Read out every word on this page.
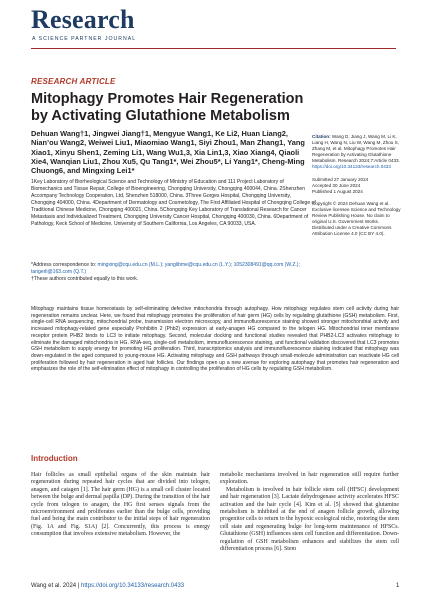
Research
A SCIENCE PARTNER JOURNAL
RESEARCH ARTICLE
Mitophagy Promotes Hair Regeneration by Activating Glutathione Metabolism
Dehuan Wang†1, Jingwei Jiang†1, Mengyue Wang1, Ke Li2, Huan Liang2, Nian’ou Wang2, Weiwei Liu1, Miaomiao Wang1, Siyi Zhou1, Man Zhang1, Yang Xiao1, Xinyu Shen1, Zeming Li1, Wang Wu1,3, Xia Lin1,3, Xiao Xiang4, Qiaoli Xie4, Wanqian Liu1, Zhou Xu5, Qu Tang1*, Wei Zhou5*, Li Yang1*, Cheng-Ming Chuong6, and Mingxing Lei1*
1Key Laboratory of Biorheological Science and Technology of Ministry of Education and 111 Project Laboratory of Biomechanics and Tissue Repair, College of Bioengineering, Chongqing University, Chongqing 400044, China. 2Shenzhen Accompany Technology Cooperation, Ltd, Shenzhen 518000, China. 3Three Gorges Hospital, Chongqing University, Chongqing 404000, China. 4Department of Dermatology and Cosmetology, The First Affiliated Hospital of Chongqing College of Traditional Chinese Medicine, Chongqing 400021, China. 5Chongqing Key Laboratory of Translational Research for Cancer Metastasis and Individualized Treatment, Chongqing University Cancer Hospital, Chongqing 400030, China. 6Department of Pathology, Keck School of Medicine, University of Southern California, Los Angeles, CA 90033, USA.
*Address correspondence to: mingxing@cqu.edu.cn (M.L.); yanglibme@cqu.edu.cn (L.Y.); 1052308491@qq.com (W.Z.); tangerli@163.com (Q.T.)
†These authors contributed equally to this work.

Citation: Wang D, Jiang J, Wang M, Li K, Liang H, Wang N, Liu W, Wang M, Zhou S, Zhang M, et al. Mitophagy Promotes Hair Regeneration by Activating Glutathione Metabolism. Research 2024;7:Article 0433. https://doi.org/10.34133/research.0433

Submitted 27 January 2024
Accepted 30 June 2024
Published 1 August 2024

Copyright © 2024 Dehuan Wang et al. Exclusive licensee Science and Technology Review Publishing House. No claim to original U.S. Government Works. Distributed under a Creative Commons Attribution License 4.0 (CC BY 4.0).

Mitophagy maintains tissue homeostasis by self-eliminating defective mitochondria through autophagy. How mitophagy regulates stem cell activity during hair regeneration remains unclear. Here, we found that mitophagy promotes the proliferation of hair germ (HG) cells by regulating glutathione (GSH) metabolism. First, single-cell RNA sequencing, mitochondrial probe, transmission electron microscopy, and immunofluorescence staining showed stronger mitochondrial activity and increased mitophagy-related gene especially Prohibitin 2 (Phb2) expression at early-anagen HG compared to the telogen HG. Mitochondrial inner membrane receptor protein PHB2 binds to LC3 to initiate mitophagy. Second, molecular docking and functional studies revealed that PHB2-LC3 activates mitophagy to eliminate the damaged mitochondria in HG. RNA-seq, single-cell metabolism, immunofluorescence staining, and functional validation discovered that LC3 promotes GSH metabolism to supply energy for promoting HG proliferation. Third, transcriptomics analysis and immunofluorescence staining indicated that mitophagy was down-regulated in the aged compared to young-mouse HG. Activating mitophagy and GSH pathways through small-molecule administration can reactivate HG cell proliferation followed by hair regeneration in aged hair follicles. Our findings open up a new avenue for exploring autophagy that promotes hair regeneration and emphasizes the role of the self-elimination effect of mitophagy in controlling the proliferation of HG cells by regulating GSH metabolism.
Introduction

Hair follicles as small epithelial organs of the skin maintain hair regeneration during repeated hair cycles that are divided into telogen, anagen, and catagen [1]. The hair germ (HG) is a small cell cluster located between the bulge and dermal papilla (DP). During the transition of the hair cycle from telogen to anagen, the HG first senses signals from the microenvironment and proliferates earlier than the bulge cells, providing fuel and being the main contributor to the initial steps of hair regeneration (Fig. 1A and Fig. S1A) [2]. Concurrently, this process is energy consumption that involves extensive metabolism. However, the

metabolic mechanisms involved in hair regeneration still require further exploration.

Metabolism is involved in hair follicle stem cell (HFSC) development and hair regeneration [3]. Lactate dehydrogenase activity accelerates HFSC activation and the hair cycle [4]. Kim et al. [5] showed that glutamine metabolism is inhibited at the end of anagen follicle growth, allowing progenitor cells to return to the hypoxic ecological niche, restoring the stem cell state and regenerating bulge for long-term maintenance of HFSCs. Glutathione (GSH) influences stem cell function and differentiation. Down-regulation of GSH metabolism enhances and stabilizes the stem cell differentiation process [6]. Stem

Wang et al. 2024 | https://doi.org/10.34133/research.0433	1
